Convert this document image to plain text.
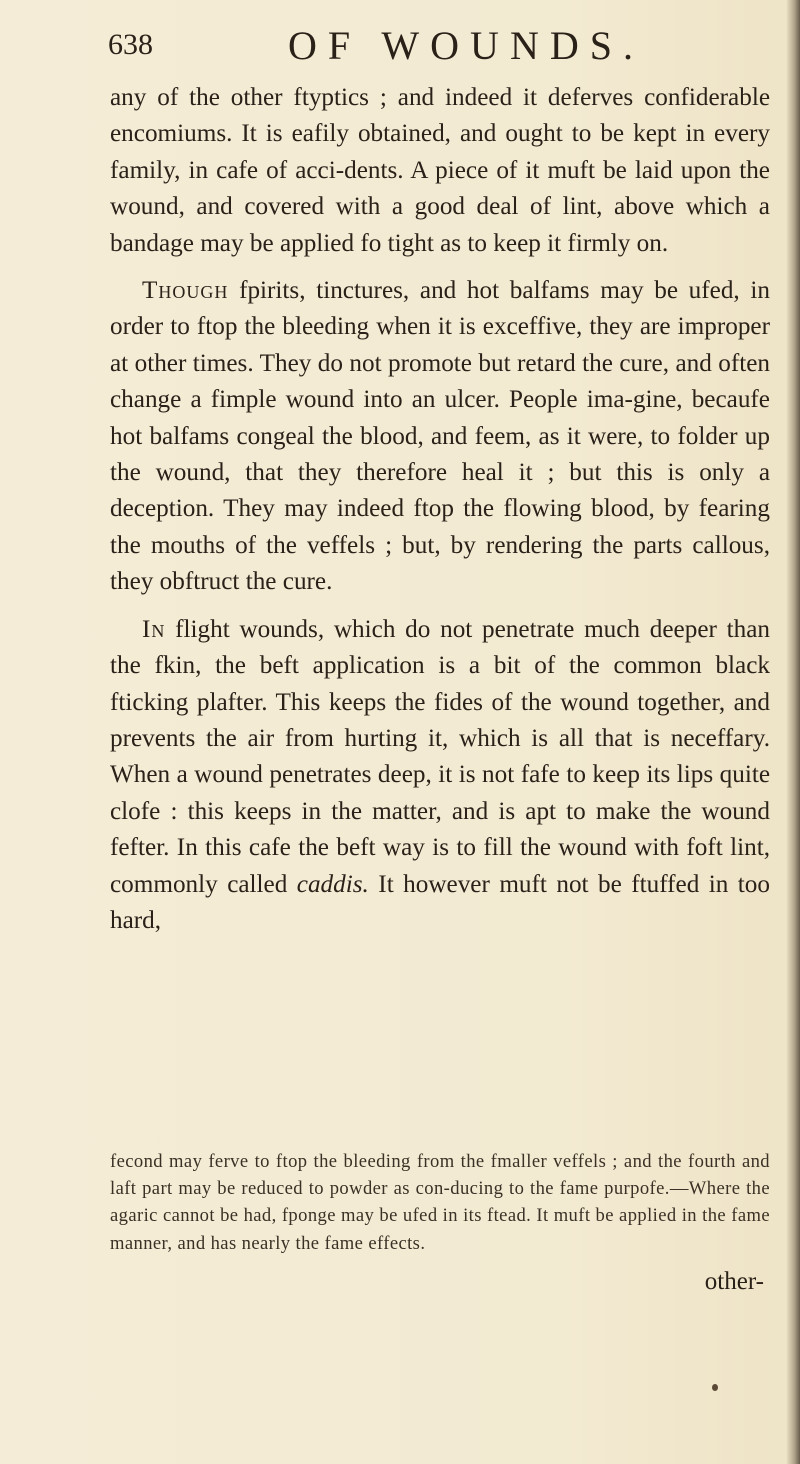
638	OF WOUNDS.

any of the other ftyptics ; and indeed it deferves confiderable encomiums. It is eafily obtained, and ought to be kept in every family, in cafe of acci-dents. A piece of it muft be laid upon the wound, and covered with a good deal of lint, above which a bandage may be applied fo tight as to keep it firmly on.

Though fpirits, tinctures, and hot balfams may be ufed, in order to ftop the bleeding when it is exceffive, they are improper at other times. They do not promote but retard the cure, and often change a fimple wound into an ulcer. People ima-gine, becaufe hot balfams congeal the blood, and feem, as it were, to folder up the wound, that they therefore heal it ; but this is only a deception. They may indeed ftop the flowing blood, by fearing the mouths of the veffels ; but, by rendering the parts callous, they obftruct the cure.

In flight wounds, which do not penetrate much deeper than the fkin, the beft application is a bit of the common black fticking plafter. This keeps the fides of the wound together, and prevents the air from hurting it, which is all that is neceffary. When a wound penetrates deep, it is not fafe to keep its lips quite clofe : this keeps in the matter, and is apt to make the wound fefter. In this cafe the beft way is to fill the wound with foft lint, commonly called caddis. It however muft not be ftuffed in too hard,

fecond may ferve to ftop the bleeding from the fmaller veffels ; and the fourth and laft part may be reduced to powder as con-ducing to the fame purpofe.—Where the agaric cannot be had, fponge may be ufed in its ftead. It muft be applied in the fame manner, and has nearly the fame effects.

other-
